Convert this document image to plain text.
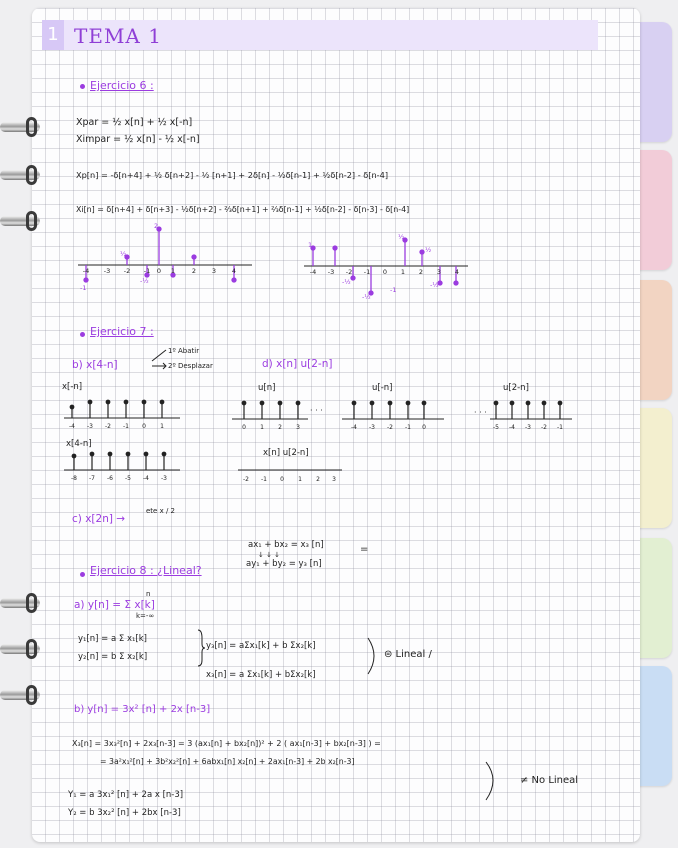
1 TEMA 1
Ejercicio 6 :
Xpar = ½ x[n] + ½ x[-n]
Ximpar = ½ x[n] - ½ x[-n]
Xp[n] = -δ[n+4] + ½ δ[n+2] - ½ [n+1] + 2δ[n] - ½δ[n-1] + ½δ[n-2] - δ[n-4]
Xi[n] = δ[n+4] + δ[n+3] - ½δ[n+2] - ⅔δ[n+1] + ⅔δ[n-1] + ½δ[n-2] - δ[n-3] - δ[n-4]
-4 -3 -2 -1 0 1	2 3 4
½
2
-½
-1
-4 -3 -2 -1 0 1 2 3 4
1
½
½
-½
-½
-1
-½
Ejercicio 7 :
b) x[4-n]
1º Abatir
2º Desplazar	d) x[n] u[2-n]
x[-n]
-4 -3 -2 -1 0 1
x[4-n]
-8 -7 -6 -5 -4 -3
u[n]
· · ·
0 1 2 3
u[-n]
-4 -3 -2 -1 0
u[2-n]
· · ·
-5 -4 -3 -2 -1
x[n] u[2-n]
-2 -1 0 1 2 3
c) x[2n] →
ete x / 2
ax₁ + bx₂ = x₃ [n]
↓ ↓ ↓
ay₁ + by₂ = y₃ [n]
=
Ejercicio 8 : ¿Lineal?
a) y[n] = Σ x[k]
n
k=-∞
y₁[n] = a Σ x₁[k]
y₂[n] = b Σ x₂[k]
y₃[n] = aΣx₁[k] + b Σx₂[k]
x₃[n] = a Σx₁[k] + bΣx₂[k]
⊜ Lineal /
b) y[n] = 3x² [n] + 2x [n-3]
X₃[n] = 3x₃²[n] + 2x₃[n-3] = 3 (ax₁[n] + bx₂[n])² + 2 ( ax₁[n-3] + bx₂[n-3] ) =
= 3a²x₁²[n] + 3b²x₂²[n] + 6abx₁[n] x₂[n] + 2ax₁[n-3] + 2b x₂[n-3]
≠ No Lineal
Y₁ = a 3x₁² [n] + 2a x [n-3]
Y₂ = b 3x₂² [n] + 2bx [n-3]
